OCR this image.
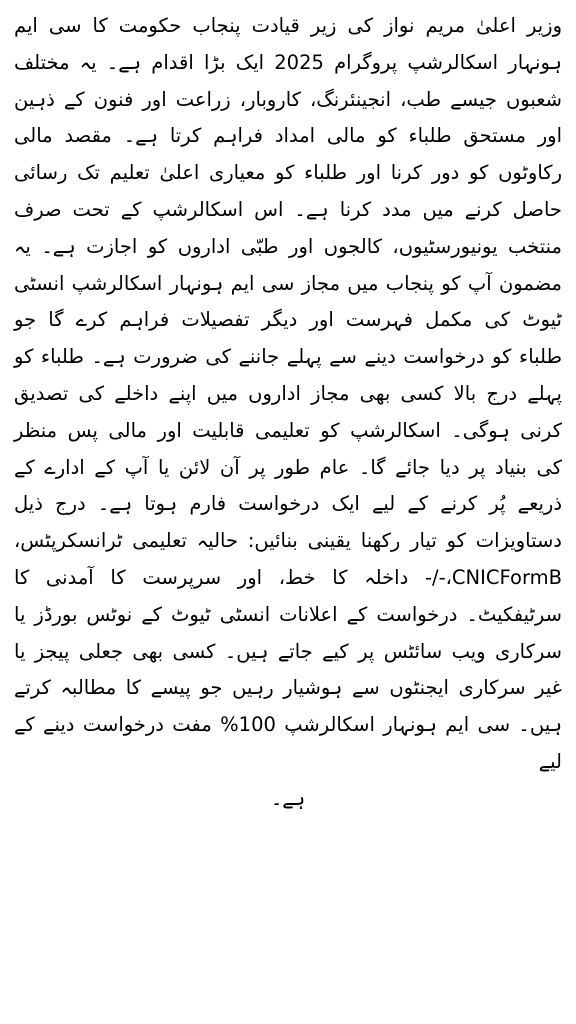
وزیر اعلیٰ مریم نواز کی زیر قیادت پنجاب حکومت کا سی ایم ہونہار اسکالرشپ پروگرام 2025 ایک بڑا اقدام ہے۔ یہ مختلف شعبوں جیسے طب، انجینئرنگ، کاروبار، زراعت اور فنون کے ذہین اور مستحق طلباء کو مالی امداد فراہم کرتا ہے۔ مقصد مالی رکاوٹوں کو دور کرنا اور طلباء کو معیاری اعلیٰ تعلیم تک رسائی حاصل کرنے میں مدد کرنا ہے۔ اس اسکالرشپ کے تحت صرف منتخب یونیورسٹیوں، کالجوں اور طبّی اداروں کو اجازت ہے۔ یہ مضمون آپ کو پنجاب میں مجاز سی ایم ہونہار اسکالرشپ انسٹی ٹیوٹ کی مکمل فہرست اور دیگر تفصیلات فراہم کرے گا جو طلباء کو درخواست دینے سے پہلے جاننے کی ضرورت ہے۔ طلباء کو پہلے درج بالا کسی بھی مجاز اداروں میں اپنے داخلے کی تصدیق کرنی ہوگی۔ اسکالرشپ کو تعلیمی قابلیت اور مالی پس منظر کی بنیاد پر دیا جائے گا۔ عام طور پر آن لائن یا آپ کے ادارے کے ذریعے پُر کرنے کے لیے ایک درخواست فارم ہوتا ہے۔ درج ذیل دستاویزات کو تیار رکھنا یقینی بنائیں: حالیہ تعلیمی ٹرانسکرپٹس، CNICFormB،-/- داخلہ کا خط، اور سرپرست کا آمدنی کا سرٹیفکیٹ۔ درخواست کے اعلانات انسٹی ٹیوٹ کے نوٹس بورڈز یا سرکاری ویب سائٹس پر کیے جاتے ہیں۔ کسی بھی جعلی پیجز یا غیر سرکاری ایجنٹوں سے ہوشیار رہیں جو پیسے کا مطالبہ کرتے ہیں۔ سی ایم ہونہار اسکالرشپ 100% مفت درخواست دینے کے لیے

ہے۔
